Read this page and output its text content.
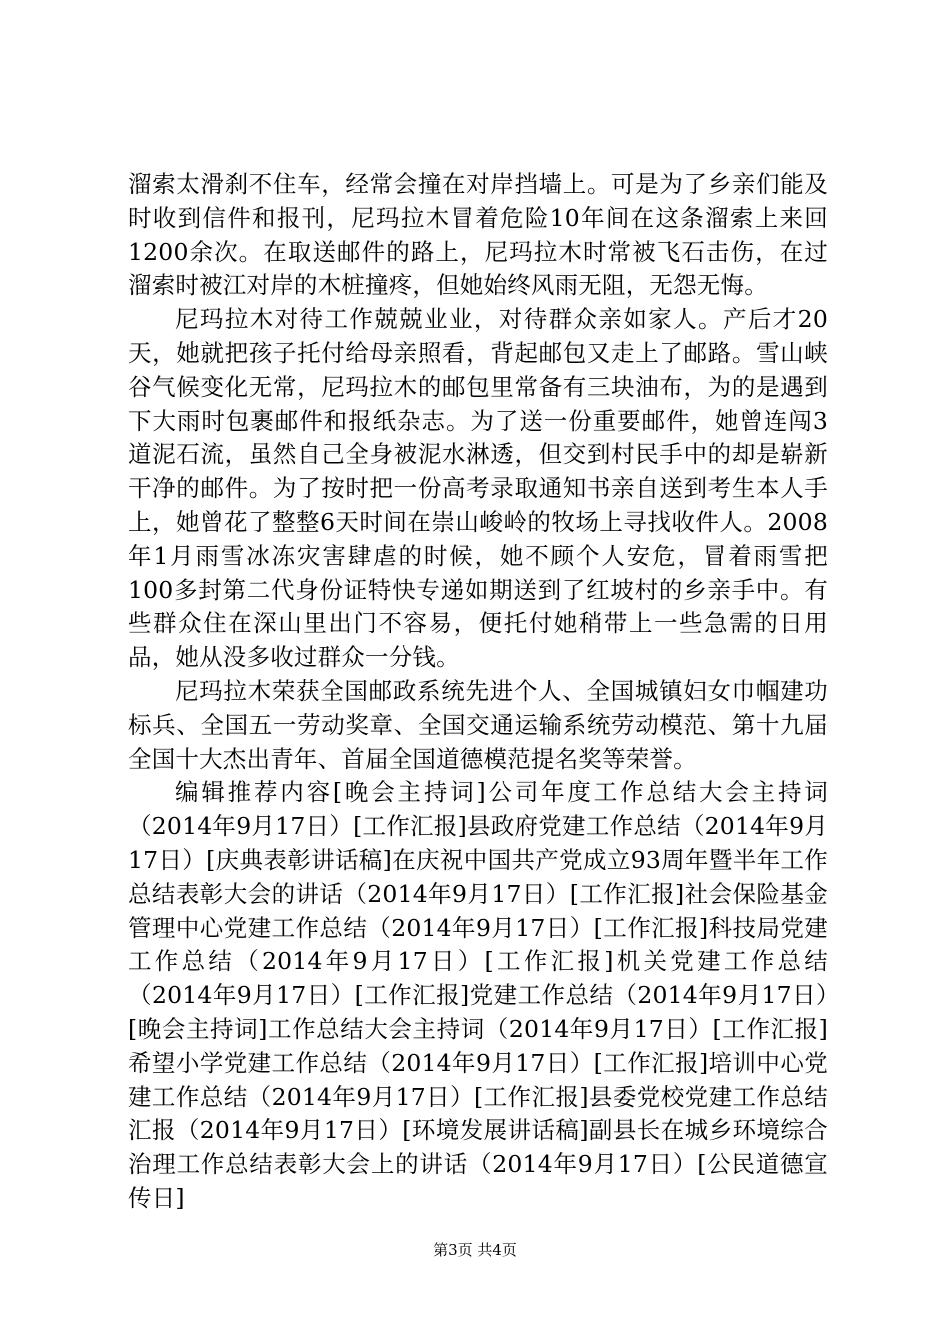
溜索太滑刹不住车，经常会撞在对岸挡墙上。可是为了乡亲们能及时收到信件和报刊，尼玛拉木冒着危险10年间在这条溜索上来回1200余次。在取送邮件的路上，尼玛拉木时常被飞石击伤，在过溜索时被江对岸的木桩撞疼，但她始终风雨无阻，无怨无悔。

尼玛拉木对待工作兢兢业业，对待群众亲如家人。产后才20天，她就把孩子托付给母亲照看，背起邮包又走上了邮路。雪山峡谷气候变化无常，尼玛拉木的邮包里常备有三块油布，为的是遇到下大雨时包裹邮件和报纸杂志。为了送一份重要邮件，她曾连闯3道泥石流，虽然自己全身被泥水淋透，但交到村民手中的却是崭新干净的邮件。为了按时把一份高考录取通知书亲自送到考生本人手上，她曾花了整整6天时间在崇山峻岭的牧场上寻找收件人。2008年1月雨雪冰冻灾害肆虐的时候，她不顾个人安危，冒着雨雪把100多封第二代身份证特快专递如期送到了红坡村的乡亲手中。有些群众住在深山里出门不容易，便托付她稍带上一些急需的日用品，她从没多收过群众一分钱。

尼玛拉木荣获全国邮政系统先进个人、全国城镇妇女巾帼建功标兵、全国五一劳动奖章、全国交通运输系统劳动模范、第十九届全国十大杰出青年、首届全国道德模范提名奖等荣誉。

编辑推荐内容[晚会主持词]公司年度工作总结大会主持词（2014年9月17日）[工作汇报]县政府党建工作总结（2014年9月17日）[庆典表彰讲话稿]在庆祝中国共产党成立93周年暨半年工作总结表彰大会的讲话（2014年9月17日）[工作汇报]社会保险基金管理中心党建工作总结（2014年9月17日）[工作汇报]科技局党建工作总结（2014年9月17日）[工作汇报]机关党建工作总结（2014年9月17日）[工作汇报]党建工作总结（2014年9月17日）[晚会主持词]工作总结大会主持词（2014年9月17日）[工作汇报]希望小学党建工作总结（2014年9月17日）[工作汇报]培训中心党建工作总结（2014年9月17日）[工作汇报]县委党校党建工作总结汇报（2014年9月17日）[环境发展讲话稿]副县长在城乡环境综合治理工作总结表彰大会上的讲话（2014年9月17日）[公民道德宣传日]

第3页 共4页
